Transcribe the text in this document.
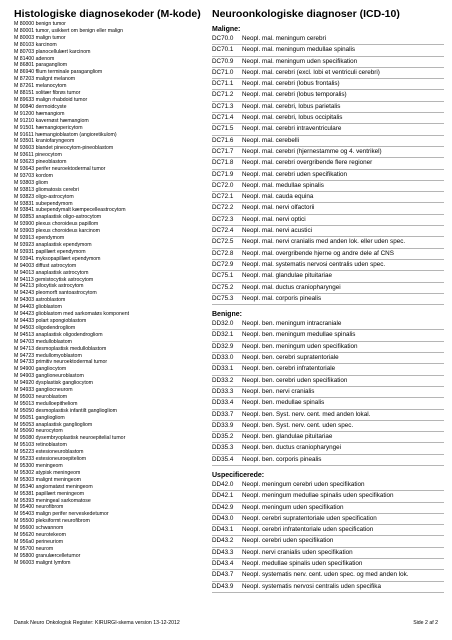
Histologiske diagnosekoder (M-kode)
M 80000 benign tumor
M 80001 tumor, usikkert om benign eller malign
M 80003 malign tumor
M 80103 karcinom
M 80703 planocellulært karcinom
M 81400 adenom
M 86801 paragangliom
M 86940 fllum terminale paragangliom
M 87203 malignt melanom
M 87261 melanocytom
M 88151 solitær fibrøs tumor
M 89633 malign rhabdoid tumor
M 90840 dermoidcyste
M 91200 hæmangiom
M 91210 kavernøst hæmangiom
M 91501 hæmangiopericytom
M 91611 hæmangioblastom (angioretikulom)
M 93501 kraniofaryngeom
M 93603 blandet pineocytom-pineoblastom
M 93611 pineocytom
M 93623 pineoblastom
M 93643 perifer neuroektodermal tumor
M 93703 kordom
M 93803 gliom
M 93813 gliomatosis cerebri
M 93823 oligo-astrocytom
M 93831 subependymom
M 93841 subependymalt kæmpecelleastrocytom
M 93853 anaplastisk oligo-astrocytom
M 93900 plexus choroideus papillom
M 93903 plexus choroideus karcinom
M 93913 ependymom
M 93923 anaplastisk ependymom
M 93931 papillært ependymom
M 93941 myksopapillært ependymom
M 94003 diffust astrocytom
M 94013 anaplastisk astrocytom
M 94113 gemistocytisk astrocytom
M 94213 pilocytisk astrocytom
M 94243 pleomorft xantoastrocytom
M 94303 astroblastom
M 94403 glioblastom
M 94423 glioblastom med sarkomatøs komponent
M 94433 polart spongioblastom
M 94503 oligodendrogliom
M 94513 anaplastisk oligodendrogliom
M 94703 medulloblastom
M 94713 desmoplastisk medulloblastom
M 94723 medullomyoblastom
M 94733 primitiv neuroektodermal tumor
M 94900 gangliocytom
M 94903 ganglioneuroblastom
M 94920 dysplastisk gangliocytom
M 94933 gangliocneurom
M 95003 neuroblastom
M 95013 medulloepitheliom
M 95050 desmoplastisk infantilt gangliogliom
M 95051 gangliogliom
M 95053 anaplastisk gangliogliom
M 95060 neurocytom
M 95080 dysembryoplastisk neuroepitelial tumor
M 95103 retinoblastom
M 95223 estesioneuroblastom
M 95233 estesioneuroepiteliom
M 95300 meningeom
M 95302 atypisk meningeom
M 95303 malignt meningeom
M 95340 angiomatøst meningeom
M 95381 papillært meningeom
M 95393 meningeal sarkomatose
M 95400 neurofibrom
M 95403 malign perifer nerveskedetumor
M 95500 pleksiformt neurofibrom
M 95600 schwannom
M 95620 neurotekeom
M 956a0 perineuriom
M 95700 neurom
M 95800 granulærcelletumor
M 96003 malignt lymfom
Neuroonkologiske diagnoser (ICD-10)
Maligne:
DC70.0	Neopl. mal. meningum cerebri
DC70.1	Neopl. mal. meningum medullae spinalis
DC70.9	Neopl. mal. meningum uden specifikation
DC71.0	Neopl. mal. cerebri (excl. lobi et ventriculi cerebri)
DC71.1	Neopl. mal. cerebri (lobus frontalis)
DC71.2	Neopl. mal. cerebri (lobus temporalis)
DC71.3	Neopl. mal. cerebri, lobus parietalis
DC71.4	Neopl. mal. cerebri, lobus occipitalis
DC71.5	Neopl. mal. cerebri intraventriculare
DC71.6	Neopl. mal. cerebelli
DC71.7	Neopl. mal. cerebri (hjernestamme og 4. ventrikel)
DC71.8	Neopl. mal. cerebri overgribende flere regioner
DC71.9	Neopl. mal. cerebri uden specifikation
DC72.0	Neopl. mal. medullae spinalis
DC72.1	Neopl. mal. cauda equina
DC72.2	Neopl. mal. nervi olfactorii
DC72.3	Neopl. mal. nervi optici
DC72.4	Neopl. mal. nervi acustici
DC72.5	Neopl. mal. nervi cranialis med anden lok. eller uden spec.
DC72.8	Neopl. mal. overgribende hjerne og andre dele af CNS
DC72.9	Neopl. mal. systematis nervosi centralis uden spec.
DC75.1	Neopl. mal. glandulae pituitariae
DC75.2	Neopl. mal. ductus craniopharyngei
DC75.3	Neopl. mal. corporis pinealis
Benigne:
DD32.0	Neopl. ben. meningum intracraniale
DD32.1	Neopl. ben. meningum medullae spinalis
DD32.9	Neopl. ben. meningum uden specifikation
DD33.0	Neopl. ben. cerebri supratentoriale
DD33.1	Neopl. ben. cerebri infratentoriale
DD33.2	Neopl. ben. cerebri uden specifikation
DD33.3	Neopl. ben. nervi cranialis
DD33.4	Neopl. ben. medullae spinalis
DD33.7	Neopl. ben. Syst. nerv. cent. med anden lokal.
DD33.9	Neopl. ben. Syst. nerv. cent. uden spec.
DD35.2	Neopl. ben. glandulae pituitariae
DD35.3	Neopl. ben. ductus craniopharyngei
DD35.4	Neopl. ben. corporis pinealis
Uspecificerede:
DD42.0	Neopl. meningum cerebri uden specifikation
DD42.1	Neopl. meningum medullae spinalis uden specifikation
DD42.9	Neopl. meningum uden specifikation
DD43.0	Neopl. cerebri supratentoriale uden specification
DD43.1	Neopl. cerebri infratentoriale uden specification
DD43.2	Neopl. cerebri uden specifikation
DD43.3	Neopl. nervi cranialis uden specifikation
DD43.4	Neopl. medullae spinalis uden specifikation
DD43.7	Neopl. systematis nerv. cent. uden spec. og med anden lok.
DD43.9	Neopl. systematis nervosi centralis uden specifika
Dansk Neuro Onkologisk Register: KIRURGI-skema version 13-12-2012	Side 2 af 2
